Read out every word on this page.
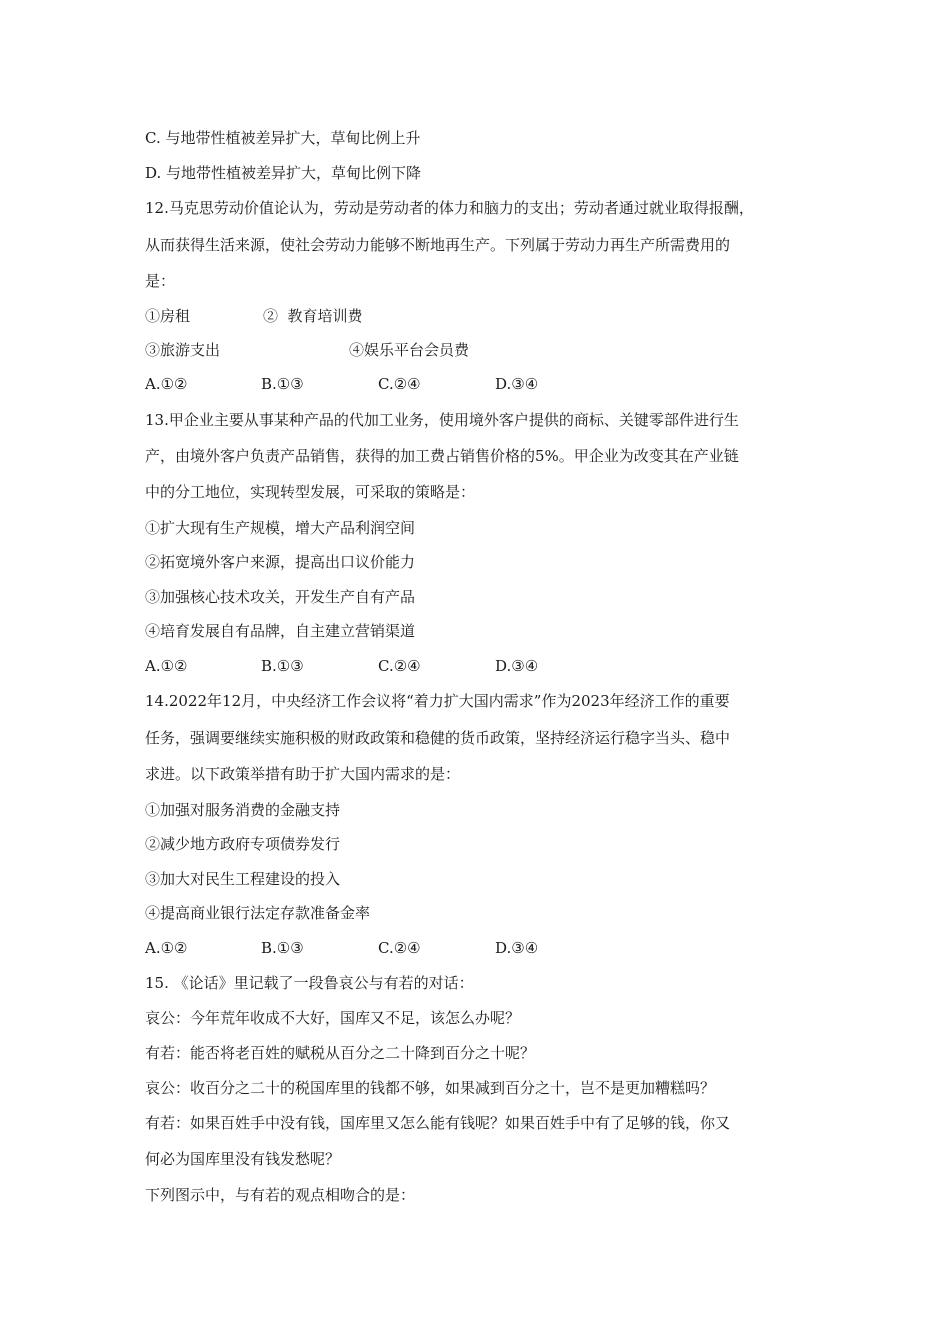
C. 与地带性植被差异扩大，草甸比例上升
D. 与地带性植被差异扩大，草甸比例下降
12.马克思劳动价值论认为，劳动是劳动者的体力和脑力的支出；劳动者通过就业取得报酬，
从而获得生活来源，使社会劳动力能够不断地再生产。下列属于劳动力再生产所需费用的
是：
①房租	②  教育培训费
③旅游支出	④娱乐平台会员费
A.①②	B.①③	C.②④	D.③④
13.甲企业主要从事某种产品的代加工业务，使用境外客户提供的商标、关键零部件进行生
产，由境外客户负责产品销售，获得的加工费占销售价格的5%。甲企业为改变其在产业链
中的分工地位，实现转型发展，可采取的策略是：
①扩大现有生产规模，增大产品利润空间
②拓宽境外客户来源，提高出口议价能力
③加强核心技术攻关，开发生产自有产品
④培育发展自有品牌，自主建立营销渠道
A.①②	B.①③	C.②④	D.③④
14.2022年12月，中央经济工作会议将“着力扩大国内需求”作为2023年经济工作的重要
任务，强调要继续实施积极的财政政策和稳健的货币政策，坚持经济运行稳字当头、稳中
求进。以下政策举措有助于扩大国内需求的是：
①加强对服务消费的金融支持
②减少地方政府专项债券发行
③加大对民生工程建设的投入
④提高商业银行法定存款准备金率
A.①②	B.①③	C.②④	D.③④
15. 《论话》里记载了一段鲁哀公与有若的对话：
哀公：今年荒年收成不大好，国库又不足，该怎么办呢？
有若：能否将老百姓的赋税从百分之二十降到百分之十呢？
哀公：收百分之二十的税国库里的钱都不够，如果减到百分之十，岂不是更加糟糕吗？
有若：如果百姓手中没有钱，国库里又怎么能有钱呢？如果百姓手中有了足够的钱，你又
何必为国库里没有钱发愁呢？
下列图示中，与有若的观点相吻合的是：
